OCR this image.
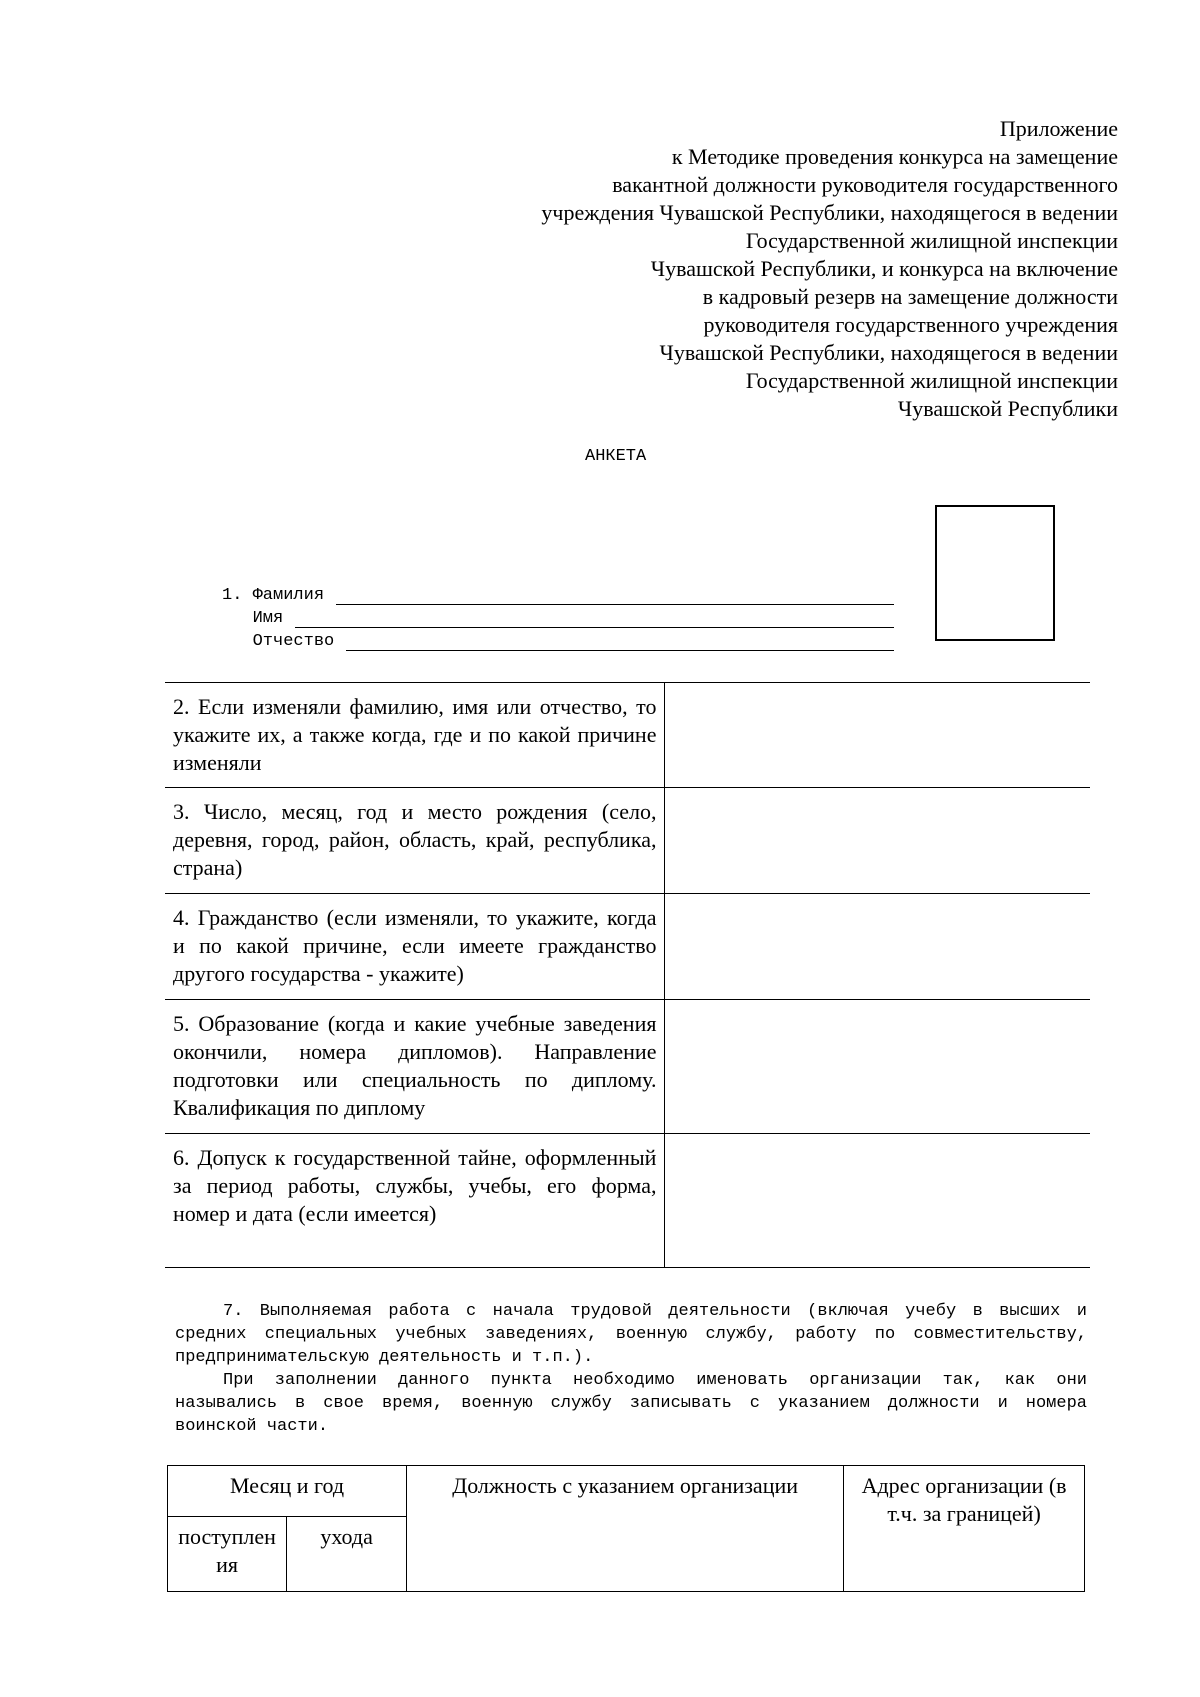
Приложение
к Методике проведения конкурса на замещение
вакантной должности руководителя государственного
учреждения Чувашской Республики, находящегося в ведении
Государственной жилищной инспекции
Чувашской Республики, и конкурса на включение
в кадровый резерв на замещение должности
руководителя государственного учреждения
Чувашской Республики, находящегося в ведении
Государственной жилищной инспекции
Чувашской Республики
АНКЕТА
1. Фамилия
Имя
Отчество
2. Если изменяли фамилию, имя или отчество, то укажите их, а также когда, где и по какой причине изменяли	
3. Число, месяц, год и место рождения (село, деревня, город, район, область, край, республика, страна)	
4. Гражданство (если изменяли, то укажите, когда и по какой причине, если имеете гражданство другого государства - укажите)	
5. Образование (когда и какие учебные заведения окончили, номера дипломов). Направление подготовки или специальность по диплому. Квалификация по диплому	
6. Допуск к государственной тайне, оформленный за период работы, службы, учебы, его форма, номер и дата (если имеется)	

7. Выполняемая работа с начала трудовой деятельности (включая учебу в высших и средних специальных учебных заведениях, военную службу, работу по совместительству, предпринимательскую деятельность и т.п.).

При заполнении данного пункта необходимо именовать организации так, как они назывались в свое время, военную службу записывать с указанием должности и номера воинской части.

Месяц и год		Должность с указанием организации	Адрес организации (в т.ч. за границей)
поступления	ухода		
